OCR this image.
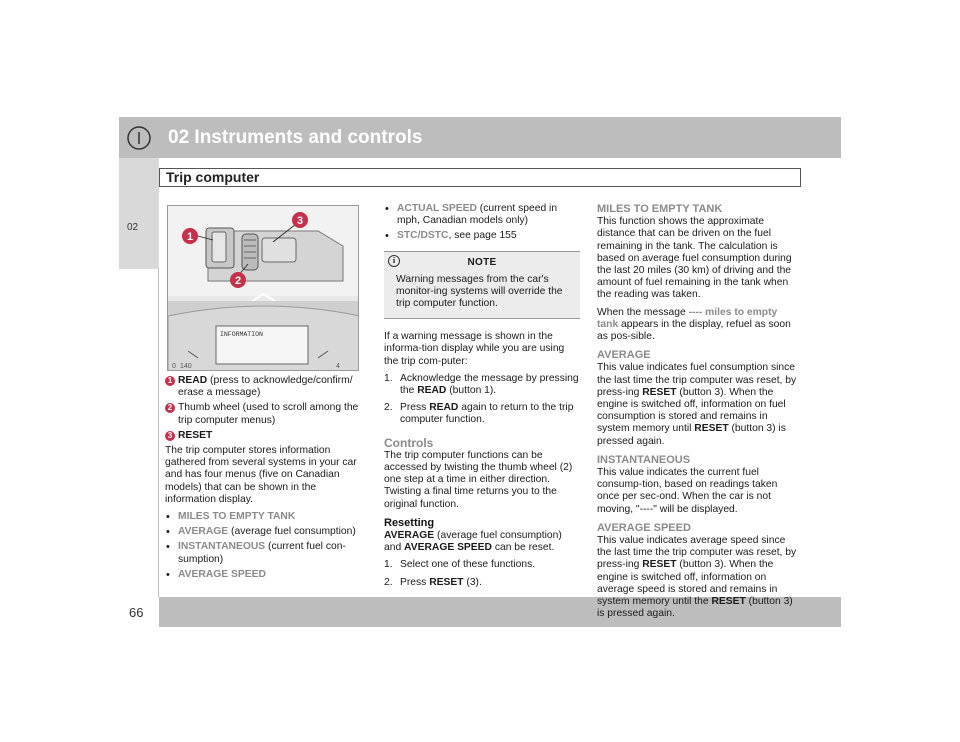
02
02 Instruments and controls
Trip computer
66
1
3
2
INFORMATION
0 140	4
1 READ (press to acknowledge/confirm/ erase a message)
2 Thumb wheel (used to scroll among the trip computer menus)
3 RESET

The trip computer stores information gathered from several systems in your car and has four menus (five on Canadian models) that can be shown in the information display.

• MILES TO EMPTY TANK
• AVERAGE (average fuel consumption)
• INSTANTANEOUS (current fuel con-sumption)
• AVERAGE SPEED
• ACTUAL SPEED (current speed in mph, Canadian models only)
• STC/DSTC, see page 155
i	NOTE
Warning messages from the car's monitor-ing systems will override the trip computer function.

If a warning message is shown in the informa-tion display while you are using the trip com-puter:

1. Acknowledge the message by pressing the READ (button 1).
2. Press READ again to return to the trip computer function.
Controls

The trip computer functions can be accessed by twisting the thumb wheel (2) one step at a time in either direction. Twisting a final time returns you to the original function.

Resetting

AVERAGE (average fuel consumption) and AVERAGE SPEED can be reset.

1. Select one of these functions.
2. Press RESET (3).
MILES TO EMPTY TANK

This function shows the approximate distance that can be driven on the fuel remaining in the tank. The calculation is based on average fuel consumption during the last 20 miles (30 km) of driving and the amount of fuel remaining in the tank when the reading was taken.

When the message ---- miles to empty tank appears in the display, refuel as soon as pos-sible.

AVERAGE

This value indicates fuel consumption since the last time the trip computer was reset, by press-ing RESET (button 3). When the engine is switched off, information on fuel consumption is stored and remains in system memory until RESET (button 3) is pressed again.

INSTANTANEOUS

This value indicates the current fuel consump-tion, based on readings taken once per sec-ond. When the car is not moving, "----" will be displayed.

AVERAGE SPEED

This value indicates average speed since the last time the trip computer was reset, by press-ing RESET (button 3). When the engine is switched off, information on average speed is stored and remains in system memory until the RESET (button 3) is pressed again.
